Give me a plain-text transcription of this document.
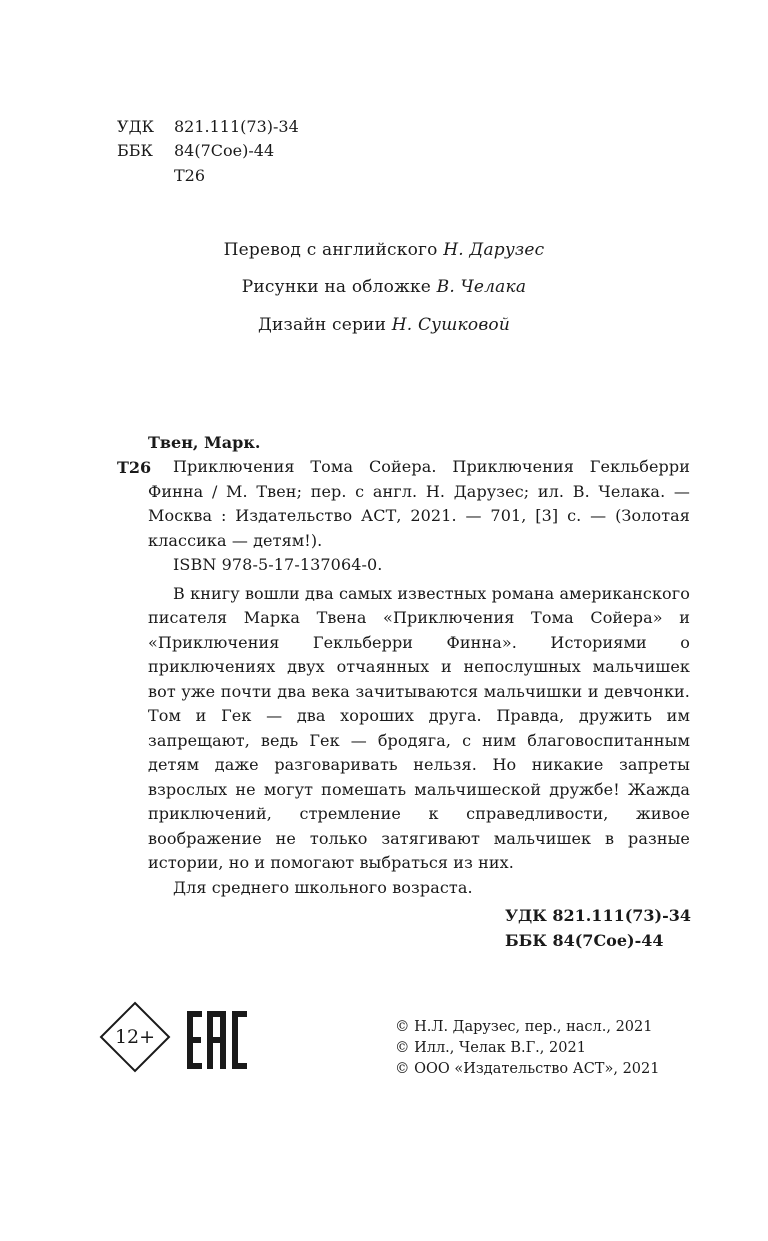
УДК 821.111(73)-34
ББК 84(7Сое)-44
Т26
Перевод с английского Н. Дарузес
Рисунки на обложке В. Челака
Дизайн серии Н. Сушковой
Твен, Марк.
Т26	Приключения Тома Сойера. Приключения Гекльберри Финна / М. Твен; пер. с англ. Н. Дарузес; ил. В. Челака. — Москва : Издательство АСТ, 2021. — 701, [3] с. — (Золотая классика — детям!).

ISBN 978-5-17-137064-0.

В книгу вошли два самых известных романа американского писателя Марка Твена «Приключения Тома Сойера» и «Приключения Гекльберри Финна». Историями о приключениях двух отчаянных и непослушных мальчишек вот уже почти два века зачитываются мальчишки и девчонки. Том и Гек — два хороших друга. Правда, дружить им запрещают, ведь Гек — бродяга, с ним благовоспитанным детям даже разговаривать нельзя. Но никакие запреты взрослых не могут помешать мальчишеской дружбе! Жажда приключений, стремление к справедливости, живое воображение не только затягивают мальчишек в разные истории, но и помогают выбраться из них.

Для среднего школьного возраста.

УДК 821.111(73)-34
ББК 84(7Сое)-44
12+	© Н.Л. Дарузес, пер., насл., 2021
© Илл., Челак В.Г., 2021
© ООО «Издательство АСТ», 2021
